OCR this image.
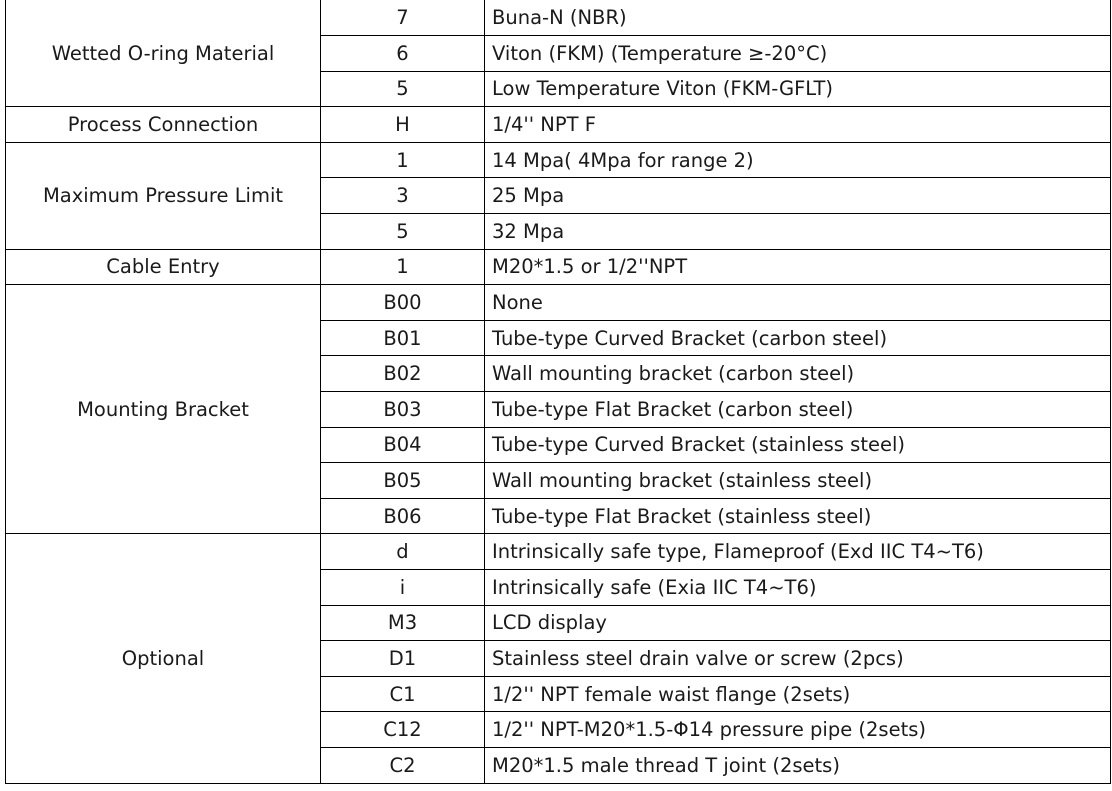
Wetted O-ring Material	7	Buna-N (NBR)
	6	Viton (FKM) (Temperature ≥-20°C)
	5	Low Temperature Viton (FKM-GFLT)
Process Connection	H	1/4'' NPT F
Maximum Pressure Limit	1	14 Mpa( 4Mpa for range 2)
	3	25 Mpa
	5	32 Mpa
Cable Entry	1	M20*1.5 or 1/2''NPT
Mounting Bracket	B00	None
	B01	Tube-type Curved Bracket (carbon steel)
	B02	Wall mounting bracket (carbon steel)
	B03	Tube-type Flat Bracket (carbon steel)
	B04	Tube-type Curved Bracket (stainless steel)
	B05	Wall mounting bracket (stainless steel)
	B06	Tube-type Flat Bracket (stainless steel)
Optional	d	Intrinsically safe type, Flameproof (Exd IIC T4~T6)
	i	Intrinsically safe (Exia IIC T4~T6)
	M3	LCD display
	D1	Stainless steel drain valve or screw (2pcs)
	C1	1/2'' NPT female waist flange (2sets)
	C12	1/2'' NPT-M20*1.5-Φ14 pressure pipe (2sets)
	C2	M20*1.5 male thread T joint (2sets)
